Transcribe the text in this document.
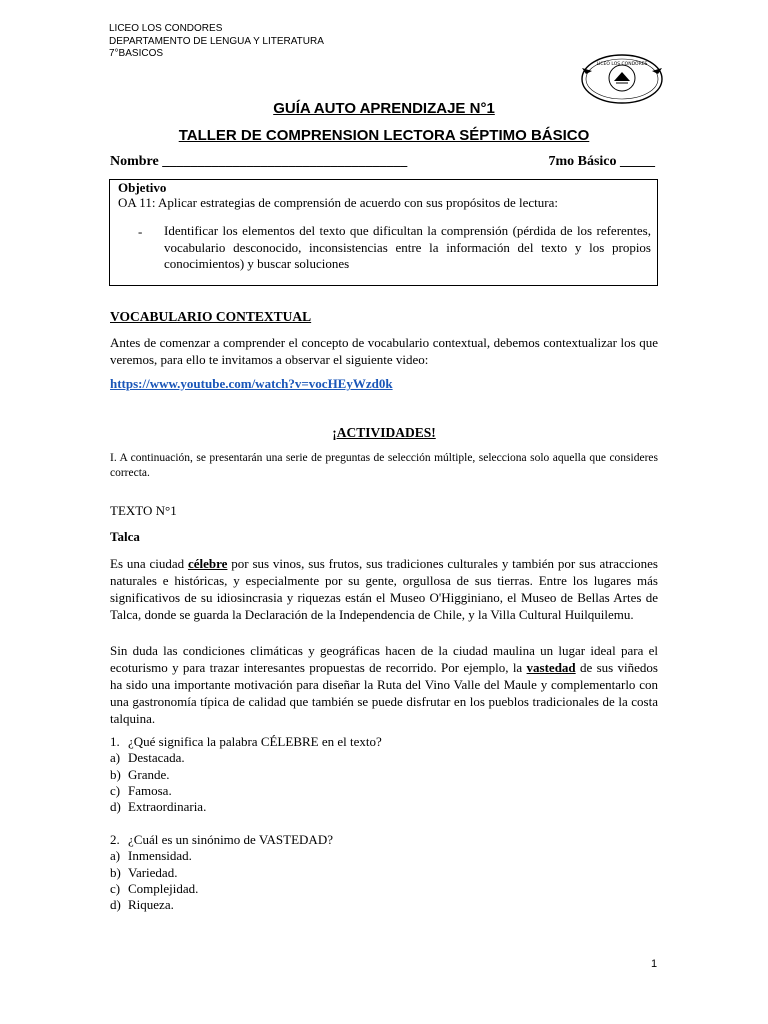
LICEO LOS CONDORES
DEPARTAMENTO DE LENGUA Y LITERATURA
7°BASICOS
LICEO LOS CONDORES
GUÍA AUTO APRENDIZAJE N°1
TALLER DE COMPRENSION LECTORA SÉPTIMO BÁSICO
Nombre ___________________________________	7mo Básico _____
Objetivo
OA 11: Aplicar estrategias de comprensión de acuerdo con sus propósitos de lectura:
- Identificar los elementos del texto que dificultan la comprensión (pérdida de los referentes, vocabulario desconocido, inconsistencias entre la información del texto y los propios conocimientos) y buscar soluciones
VOCABULARIO CONTEXTUAL
Antes de comenzar a comprender el concepto de vocabulario contextual, debemos contextualizar los que veremos, para ello te invitamos a observar el siguiente video:
https://www.youtube.com/watch?v=vocHEyWzd0k
¡ACTIVIDADES!
I. A continuación, se presentarán una serie de preguntas de selección múltiple, selecciona solo aquella que consideres correcta.
TEXTO N°1
Talca
Es una ciudad célebre por sus vinos, sus frutos, sus tradiciones culturales y también por sus atracciones naturales e históricas, y especialmente por su gente, orgullosa de sus tierras. Entre los lugares más significativos de su idiosincrasia y riquezas están el Museo O'Higginiano, el Museo de Bellas Artes de Talca, donde se guarda la Declaración de la Independencia de Chile, y la Villa Cultural Huilquilemu.
Sin duda las condiciones climáticas y geográficas hacen de la ciudad maulina un lugar ideal para el ecoturismo y para trazar interesantes propuestas de recorrido. Por ejemplo, la vastedad de sus viñedos ha sido una importante motivación para diseñar la Ruta del Vino Valle del Maule y complementarlo con una gastronomía típica de calidad que también se puede disfrutar en los pueblos tradicionales de la costa talquina.
1. ¿Qué significa la palabra CÉLEBRE en el texto?
a) Destacada.
b) Grande.
c) Famosa.
d) Extraordinaria.
2. ¿Cuál es un sinónimo de VASTEDAD?
a) Inmensidad.
b) Variedad.
c) Complejidad.
d) Riqueza.
1
